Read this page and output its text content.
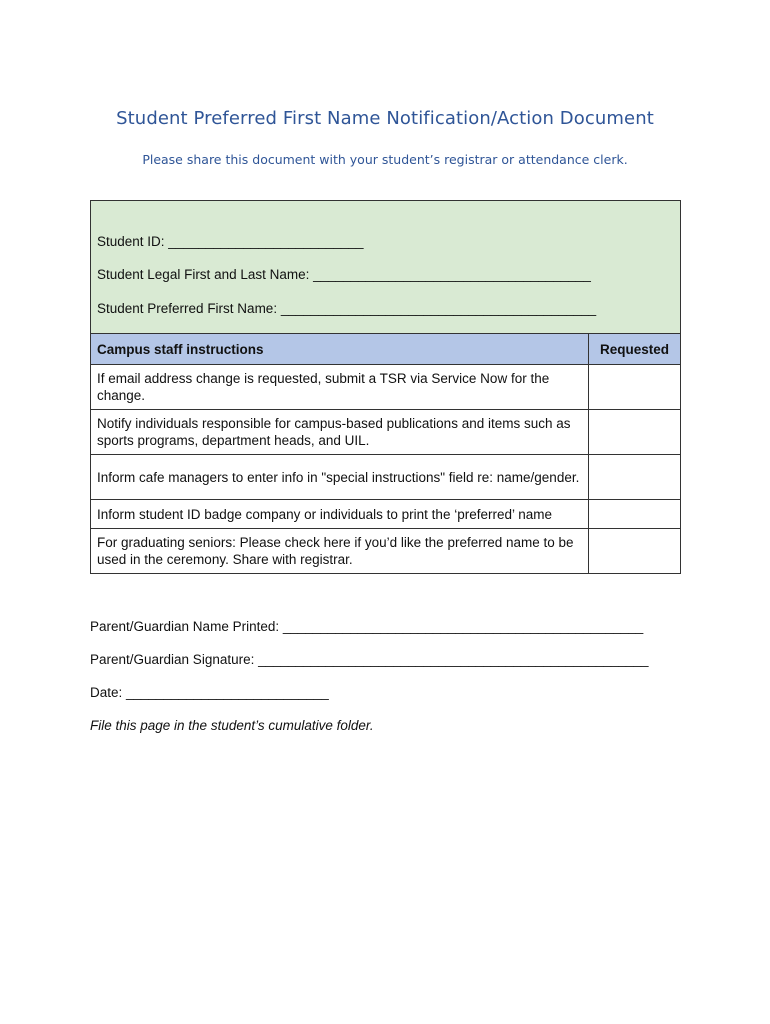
Student Preferred First Name Notification/Action Document
Please share this document with your student’s registrar or attendance clerk.
Student ID: __________________________
Student Legal First and Last Name: _____________________________________
Student Preferred First Name: __________________________________________	

Campus staff instructions	Requested
If email address change is requested, submit a TSR via Service Now for the change.	
Notify individuals responsible for campus-based publications and items such as sports programs, department heads, and UIL.	
Inform cafe managers to enter info in "special instructions" field re: name/gender.	
Inform student ID badge company or individuals to print the ‘preferred’ name	
For graduating seniors: Please check here if you’d like the preferred name to be used in the ceremony. Share with registrar.	
Parent/Guardian Name Printed: ________________________________________________
Parent/Guardian Signature: ____________________________________________________
Date: ___________________________
File this page in the student’s cumulative folder.
